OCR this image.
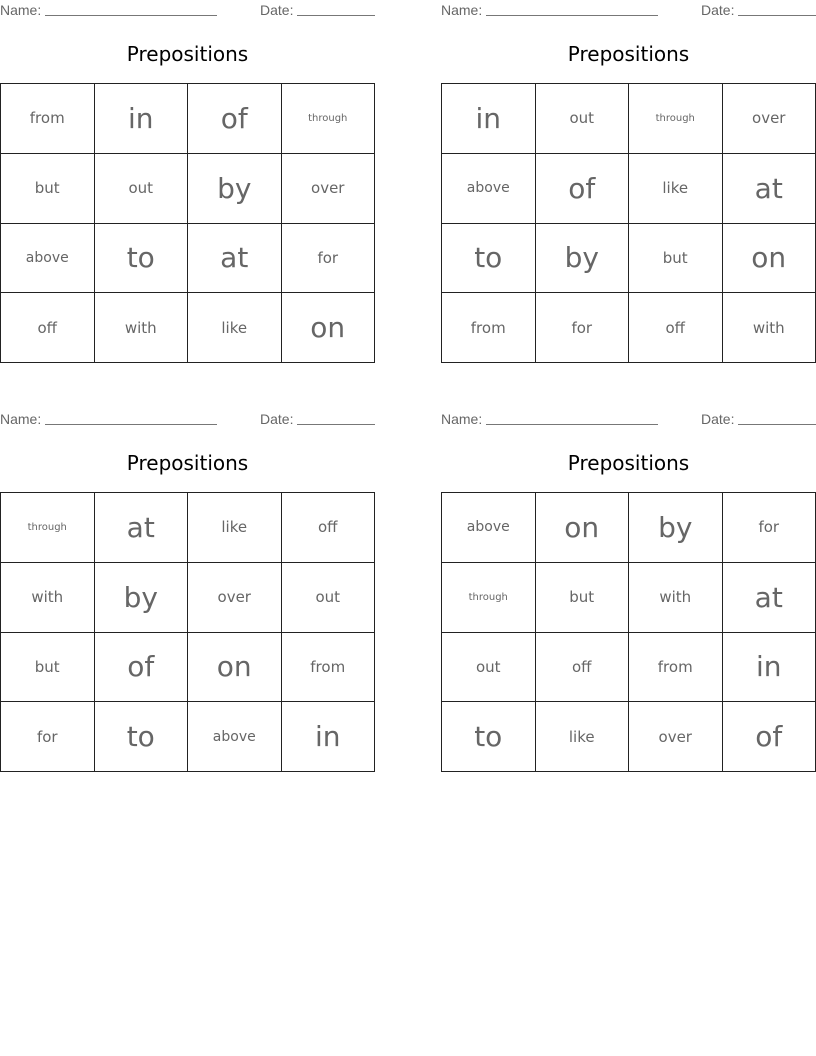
Name:	Date:
Prepositions
from	in	of	through
but	out	by	over
above	to	at	for
off	with	like	on
Name:	Date:
Prepositions
in	out	through	over
above	of	like	at
to	by	but	on
from	for	off	with
Name:	Date:
Prepositions
through	at	like	off
with	by	over	out
but	of	on	from
for	to	above	in
Name:	Date:
Prepositions
above	on	by	for
through	but	with	at
out	off	from	in
to	like	over	of
